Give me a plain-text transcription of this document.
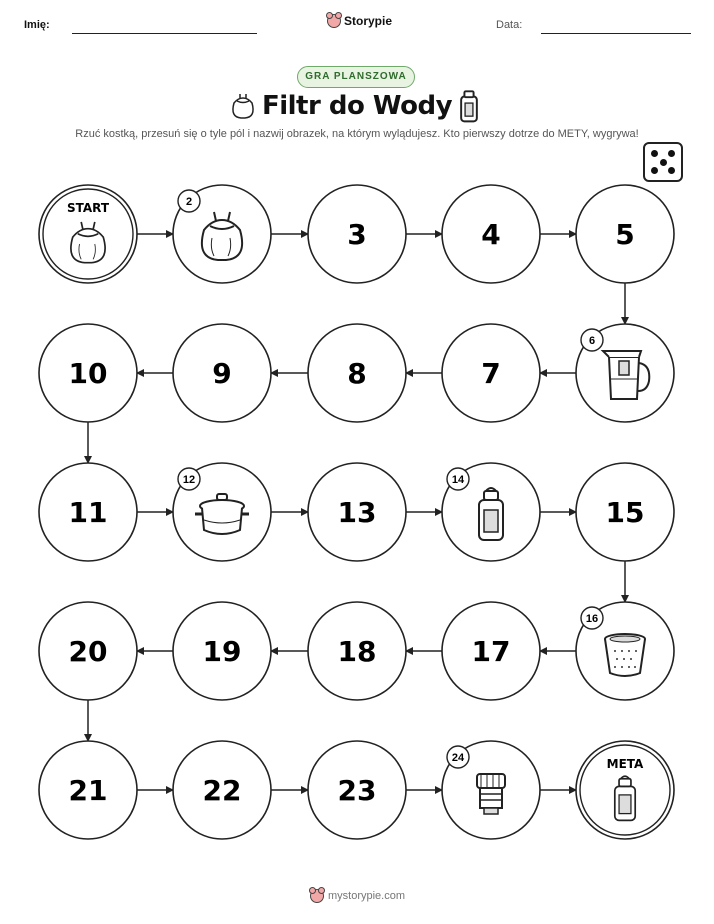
Imię:	Storypie	Data:
GRA PLANSZOWA
Filtr do Wody
Rzuć kostką, przesuń się o tyle pól i nazwij obrazek, na którym wylądujesz. Kto pierwszy dotrze do METY, wygrywa!
START	2
3	4	5
6
7
8
9
10
11
12
13
14
15
16
17
18
19
20
21	22	23
24	META
mystorypie.com
